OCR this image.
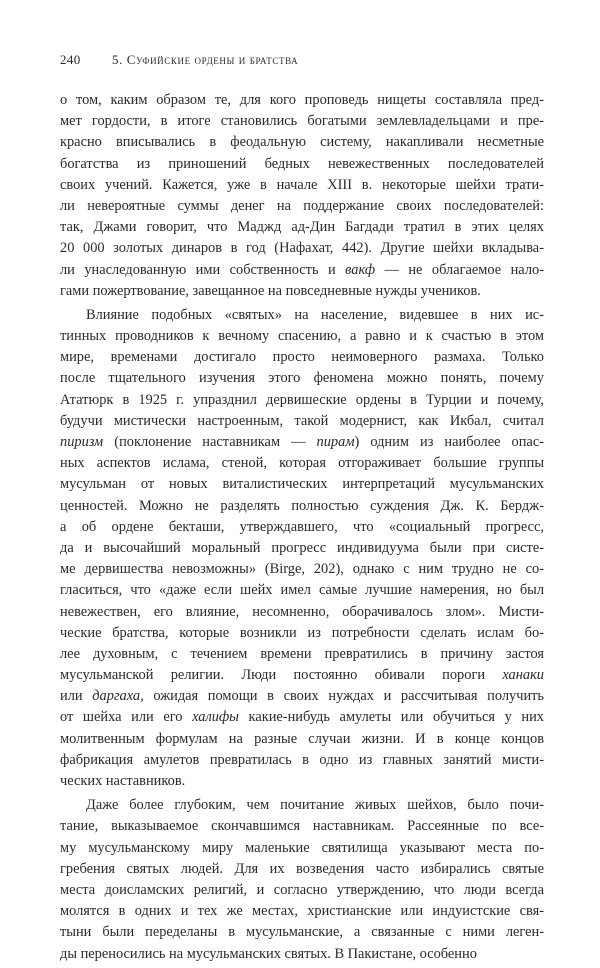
240 5. Суфийские ордены и братства
о том, каким образом те, для кого проповедь нищеты составляла пред-
мет гордости, в итоге становились богатыми землевладельцами и пре-
красно вписывались в феодальную систему, накапливали несметные
богатства из приношений бедных невежественных последователей
своих учений. Кажется, уже в начале XIII в. некоторые шейхи трати-
ли невероятные суммы денег на поддержание своих последователей:
так, Джами говорит, что Маджд ад-Дин Багдади тратил в этих целях
20 000 золотых динаров в год (Нафахат, 442). Другие шейхи вкладыва-
ли унаследованную ими собственность и вакф — не облагаемое нало-
гами пожертвование, завещанное на повседневные нужды учеников.
Влияние подобных «святых» на население, видевшее в них ис-
тинных проводников к вечному спасению, а равно и к счастью в этом
мире, временами достигало просто неимоверного размаха. Только
после тщательного изучения этого феномена можно понять, почему
Ататюрк в 1925 г. упразднил дервишеские ордены в Турции и почему,
будучи мистически настроенным, такой модернист, как Икбал, считал
пиризм (поклонение наставникам — пирам) одним из наиболее опас-
ных аспектов ислама, стеной, которая отгораживает большие группы
мусульман от новых виталистических интерпретаций мусульманских
ценностей. Можно не разделять полностью суждения Дж. К. Бердж-
а об ордене бекташи, утверждавшего, что «социальный прогресс,
да и высочайший моральный прогресс индивидуума были при систе-
ме дервишества невозможны» (Birge, 202), однако с ним трудно не со-
гласиться, что «даже если шейх имел самые лучшие намерения, но был
невежествен, его влияние, несомненно, оборачивалось злом». Мисти-
ческие братства, которые возникли из потребности сделать ислам бо-
лее духовным, с течением времени превратились в причину застоя
мусульманской религии. Люди постоянно обивали пороги ханаки
или даргаха, ожидая помощи в своих нуждах и рассчитывая получить
от шейха или его халифы какие-нибудь амулеты или обучиться у них
молитвенным формулам на разные случаи жизни. И в конце концов
фабрикация амулетов превратилась в одно из главных занятий мисти-
ческих наставников.
Даже более глубоким, чем почитание живых шейхов, было почи-
тание, выказываемое скончавшимся наставникам. Рассеянные по все-
му мусульманскому миру маленькие святилища указывают места по-
гребения святых людей. Для их возведения часто избирались святые
места доисламских религий, и согласно утверждению, что люди всегда
молятся в одних и тех же местах, христианские или индуистские свя-
тыни были переделаны в мусульманские, а связанные с ними леген-
ды переносились на мусульманских святых. В Пакистане, особенно
